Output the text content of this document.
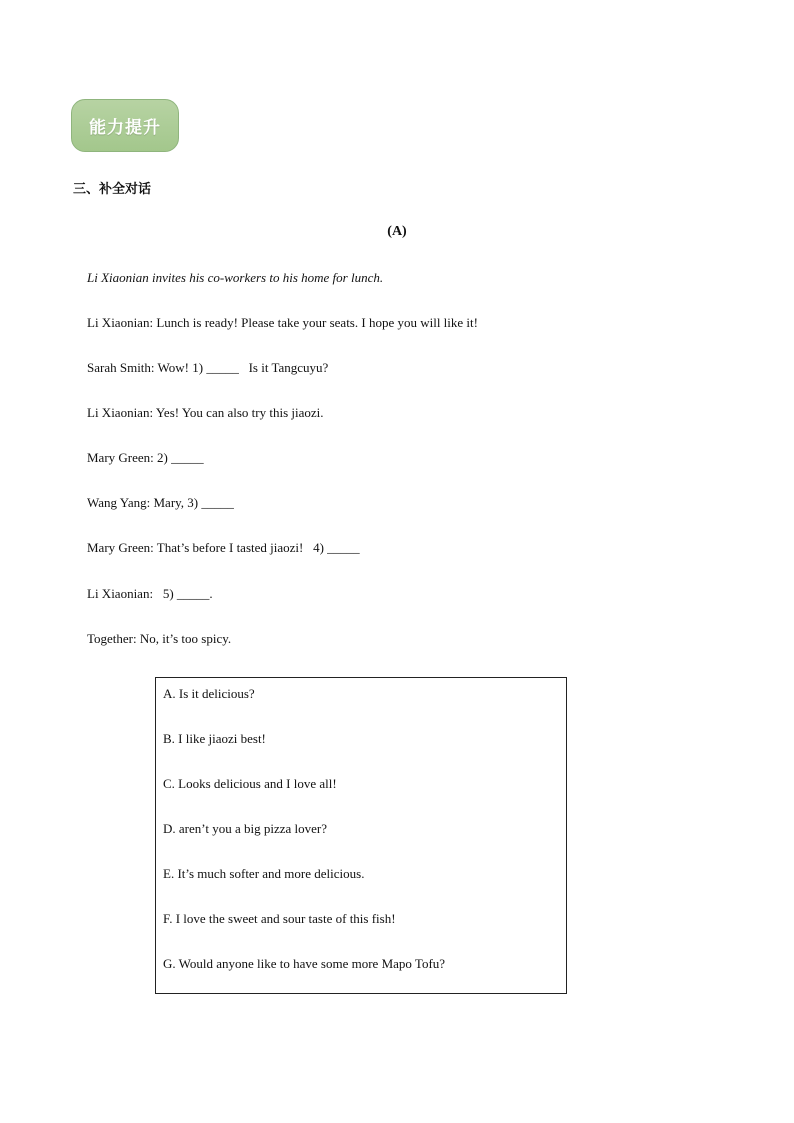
能力提升
三、补全对话
(A)
Li Xiaonian invites his co-workers to his home for lunch.
Li Xiaonian: Lunch is ready! Please take your seats. I hope you will like it!
Sarah Smith: Wow! 1) _____   Is it Tangcuyu?
Li Xiaonian: Yes! You can also try this jiaozi.
Mary Green: 2) _____
Wang Yang: Mary, 3) _____
Mary Green: That’s before I tasted jiaozi!   4) _____
Li Xiaonian:   5) _____.
Together: No, it’s too spicy.
A. Is it delicious?
B. I like jiaozi best!
C. Looks delicious and I love all!
D. aren’t you a big pizza lover?
E. It’s much softer and more delicious.
F. I love the sweet and sour taste of this fish!
G. Would anyone like to have some more Mapo Tofu?
